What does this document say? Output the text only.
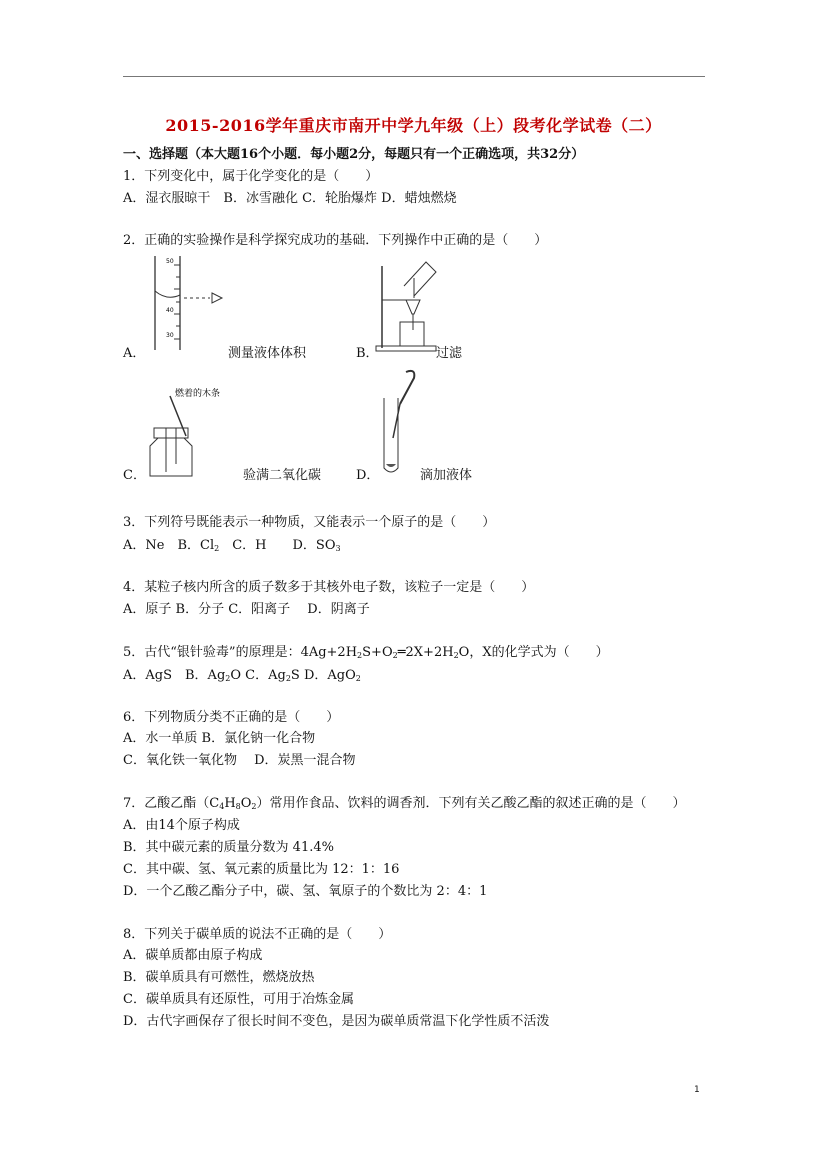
2015-2016学年重庆市南开中学九年级（上）段考化学试卷（二）
一、选择题（本大题16个小题．每小题2分，每题只有一个正确选项，共32分）
1．下列变化中，属于化学变化的是（　　）
A．湿衣服晾干　B．冰雪融化 C．轮胎爆炸 D．蜡烛燃烧
2．正确的实验操作是科学探究成功的基础．下列操作中正确的是（　　）
50
40
30
A．	测量液体体积	B．	过滤
燃着的木条
C．	验满二氧化碳	D．	滴加液体
3．下列符号既能表示一种物质，又能表示一个原子的是（　　）
A．Ne　B．$Cl_2$　C．H　　D．$SO_3$
4．某粒子核内所含的质子数多于其核外电子数，该粒子一定是（　　）
A．原子 B．分子 C．阳离子　 D．阴离子
5．古代“银针验毒”的原理是：$4Ag+2H_2S+O_2═2X+2H_2O$，X的化学式为（　　）
A．AgS　B．$Ag_2O$ C．$Ag_2S$ D．AgO$_2$
6．下列物质分类不正确的是（　　）
A．水一单质 B．氯化钠一化合物
C．氧化铁一氧化物　 D．炭黑一混合物
7．乙酸乙酯$(C_4H_8O_2)$常用作食品、饮料的调香剂．下列有关乙酸乙酯的叙述正确的是（　　）
A．由14个原子构成
B．其中碳元素的质量分数为 41.4%
C．其中碳、氢、氧元素的质量比为 12：1：16
D．一个乙酸乙酯分子中，碳、氢、氧原子的个数比为 2：4：1
8．下列关于碳单质的说法不正确的是（　　）
A．碳单质都由原子构成
B．碳单质具有可燃性，燃烧放热
C．碳单质具有还原性，可用于冶炼金属
D．古代字画保存了很长时间不变色，是因为碳单质常温下化学性质不活泼
1
